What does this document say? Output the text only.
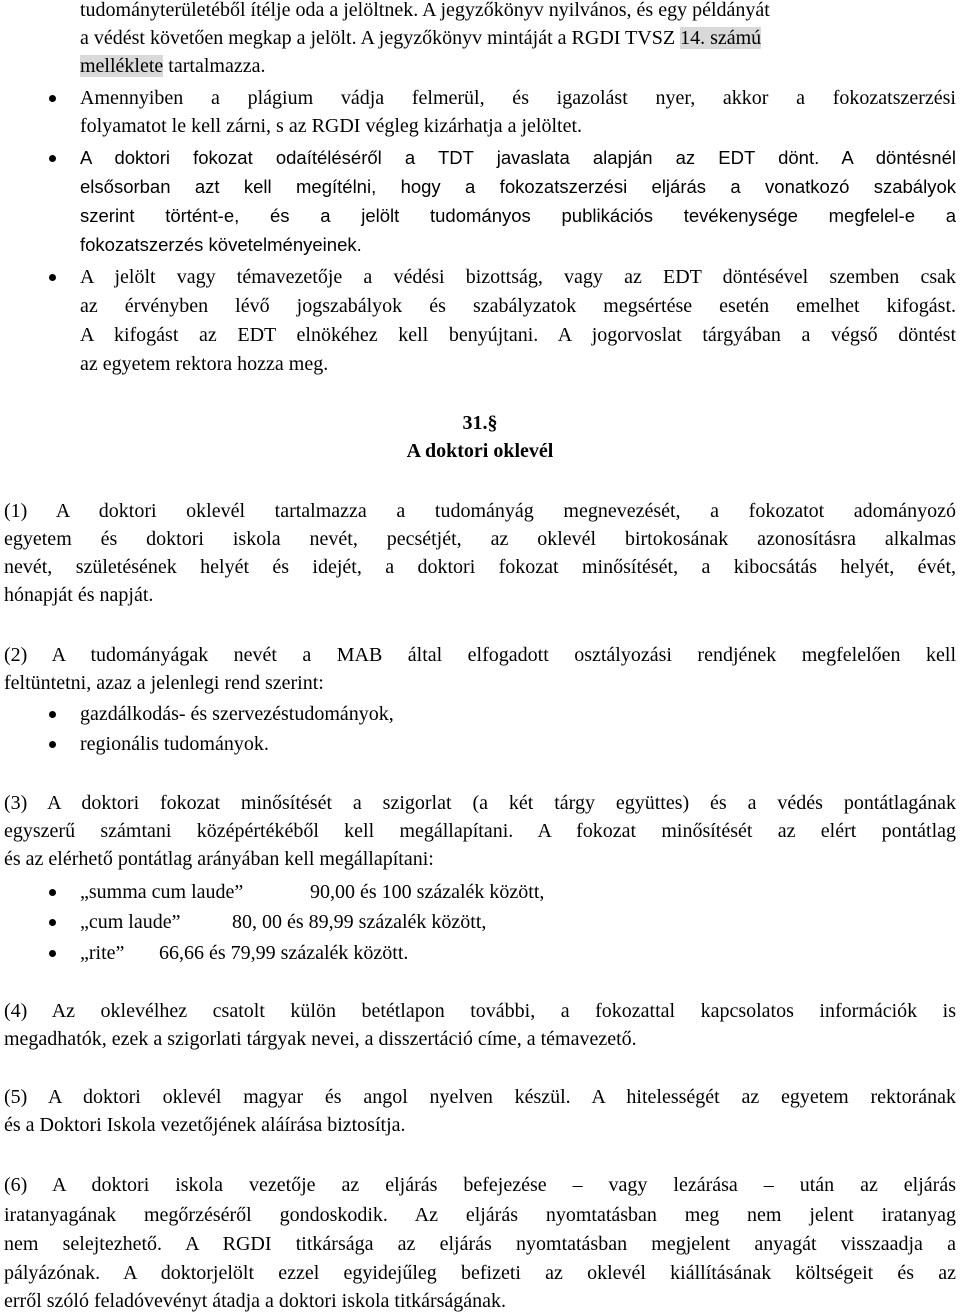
tudományterületéből ítélje oda a jelöltnek. A jegyzőkönyv nyilvános, és egy példányát
a védést követően megkap a jelölt. A jegyzőkönyv mintáját a RGDI TVSZ 14. számú
melléklete tartalmazza.
Amennyiben a plágium vádja felmerül, és igazolást nyer, akkor a fokozatszerzési
folyamatot le kell zárni, s az RGDI végleg kizárhatja a jelöltet.
A doktori fokozat odaítéléséről a TDT javaslata alapján az EDT dönt. A döntésnél
elsősorban azt kell megítélni, hogy a fokozatszerzési eljárás a vonatkozó szabályok
szerint történt-e, és a jelölt tudományos publikációs tevékenysége megfelel-e a
fokozatszerzés követelményeinek.
A jelölt vagy témavezetője a védési bizottság, vagy az EDT döntésével szemben csak
az érvényben lévő jogszabályok és szabályzatok megsértése esetén emelhet kifogást.
A kifogást az EDT elnökéhez kell benyújtani. A jogorvoslat tárgyában a végső döntést
az egyetem rektora hozza meg.
31.§
A doktori oklevél
(1) A doktori oklevél tartalmazza a tudományág megnevezését, a fokozatot adományozó
egyetem és doktori iskola nevét, pecsétjét, az oklevél birtokosának azonosításra alkalmas
nevét, születésének helyét és idejét, a doktori fokozat minősítését, a kibocsátás helyét, évét,
hónapját és napját.
(2) A tudományágak nevét a MAB által elfogadott osztályozási rendjének megfelelően kell
feltüntetni, azaz a jelenlegi rend szerint:
gazdálkodás- és szervezéstudományok,
regionális tudományok.
(3) A doktori fokozat minősítését a szigorlat (a két tárgy együttes) és a védés pontátlagának
egyszerű számtani középértékéből kell megállapítani. A fokozat minősítését az elért pontátlag
és az elérhető pontátlag arányában kell megállapítani:
„summa cum laude”	90,00 és 100 százalék között,
„cum laude”	80, 00 és 89,99 százalék között,
„rite” 66,66 és 79,99 százalék között.
(4) Az oklevélhez csatolt külön betétlapon további, a fokozattal kapcsolatos információk is
megadhatók, ezek a szigorlati tárgyak nevei, a disszertáció címe, a témavezető.
(5) A doktori oklevél magyar és angol nyelven készül. A hitelességét az egyetem rektorának
és a Doktori Iskola vezetőjének aláírása biztosítja.
(6) A doktori iskola vezetője az eljárás befejezése – vagy lezárása – után az eljárás
iratanyagának megőrzéséről gondoskodik. Az eljárás nyomtatásban meg nem jelent iratanyag
nem selejtezhető. A RGDI titkársága az eljárás nyomtatásban megjelent anyagát visszaadja a
pályázónak. A doktorjelölt ezzel egyidejűleg befizeti az oklevél kiállításának költségeit és az
erről szóló feladóvevényt átadja a doktori iskola titkárságának.
